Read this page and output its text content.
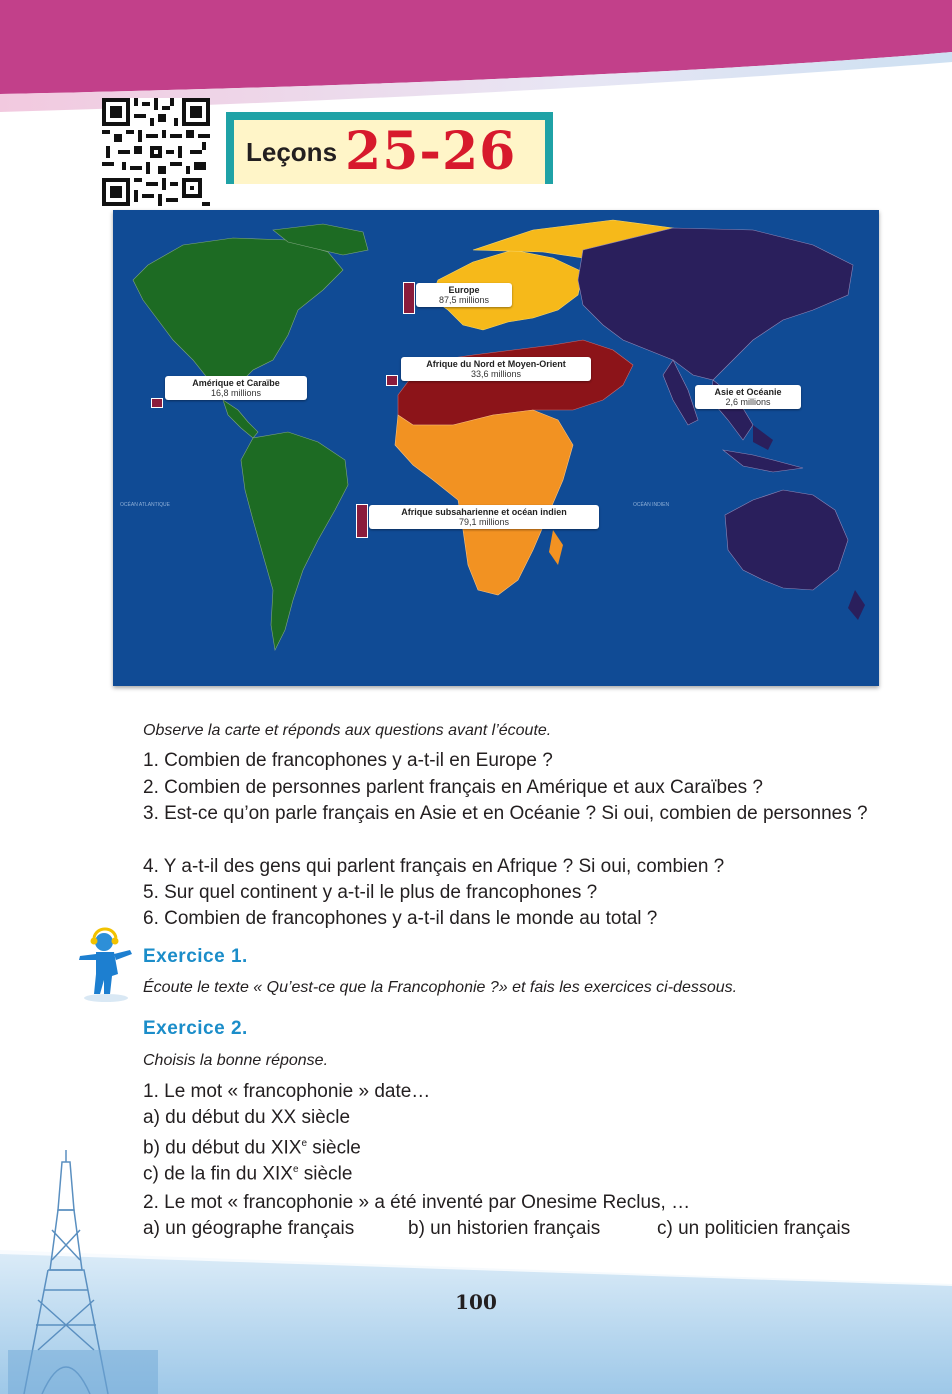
Leçons 25-26
OCÉAN ATLANTIQUE	OCÉAN INDIEN
Europe
87,5 millions
Afrique du Nord et Moyen-Orient
33,6 millions
Amérique et Caraïbe
16,8 millions	Asie et Océanie
2,6 millions
Afrique subsaharienne et océan indien
79,1 millions
Observe la carte et réponds aux questions avant l’écoute.
1. Combien de francophones y a-t-il en Europe ?
2. Combien de personnes parlent français en Amérique et aux Caraïbes ?
3. Est-ce qu’on parle français en Asie et en Océanie ? Si oui, combien de personnes ?
4. Y a-t-il des gens qui parlent français en Afrique ? Si oui, combien ?
5. Sur quel continent y a-t-il le plus de francophones ?
6. Combien de francophones y a-t-il dans le monde au total ?
Exercice 1.
Écoute le texte « Qu’est-ce que la Francophonie ?» et fais les exercices ci-dessous.
Exercice 2.
Choisis la bonne réponse.
1. Le mot « francophonie » date…
a) du début du XX siècle
b) du début du XIXe siècle
c) de la fin du XIXe siècle
2. Le mot « francophonie » a été inventé par Onesime Reclus, …
a) un géographe français	b) un historien français	c) un politicien français
100
